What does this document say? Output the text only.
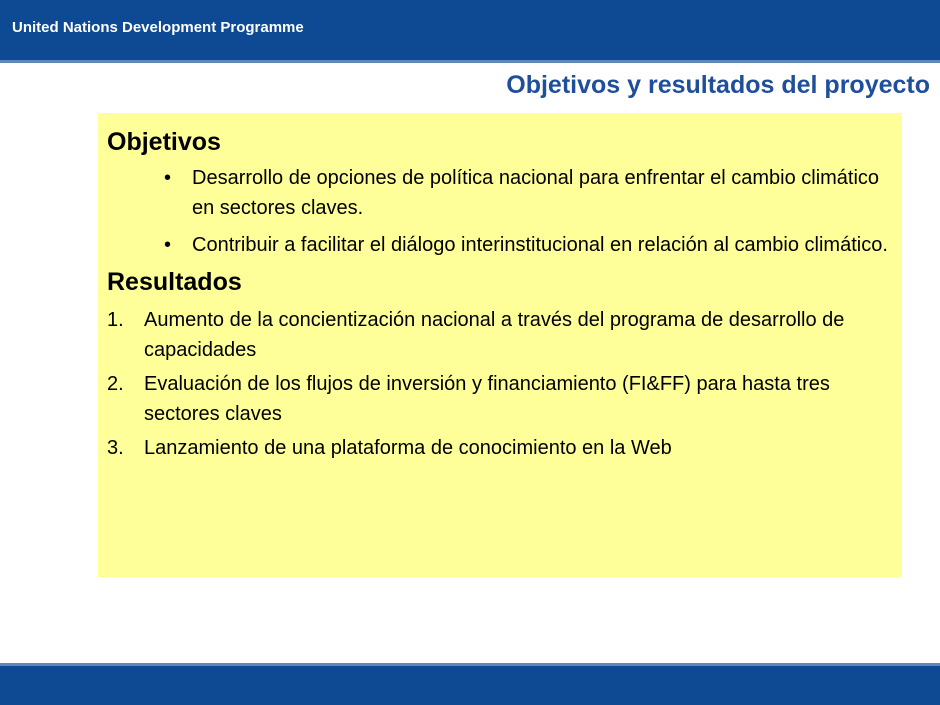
United Nations Development Programme
Objetivos y resultados del proyecto
Objetivos
• Desarrollo de opciones de política nacional para enfrentar el cambio climático en sectores claves.
• Contribuir a facilitar el diálogo interinstitucional en relación al cambio climático.
Resultados
1. Aumento de la concientización nacional a través del programa de desarrollo de capacidades
2. Evaluación de los flujos de inversión y financiamiento (FI&FF) para hasta tres sectores claves
3. Lanzamiento de una plataforma de conocimiento en la Web
